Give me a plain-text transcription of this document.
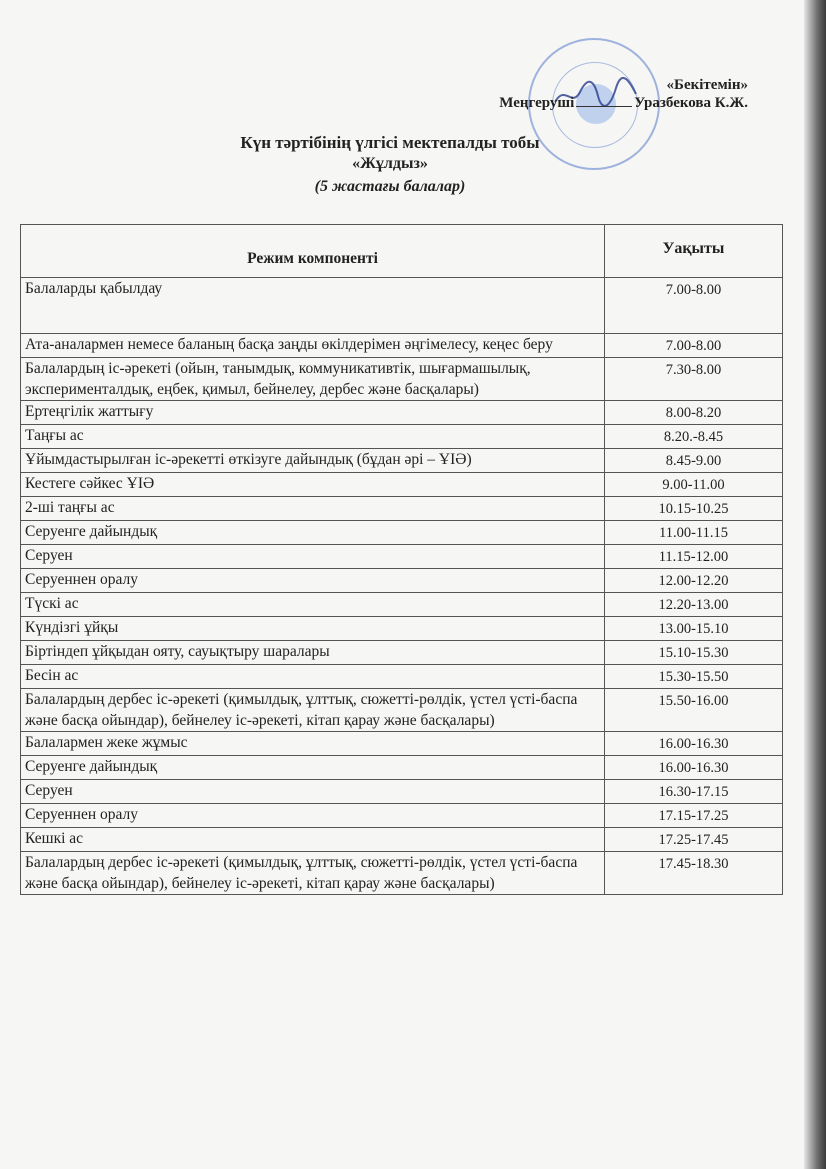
«Бекітемін»
Меңгеруші	Уразбекова К.Ж.
Күн тәртібінің үлгісі мектепалды тобы
«Жұлдыз»
(5 жастағы балалар)
Режим компоненті	Уақыты
Балаларды қабылдау	7.00-8.00
Ата-аналармен немесе баланың басқа заңды өкілдерімен әңгімелесу, кеңес беру	7.00-8.00
Балалардың іс-әрекеті (ойын, танымдық, коммуникативтік, шығармашылық, эксперименталдық, еңбек, қимыл, бейнелеу, дербес және басқалары)	7.30-8.00
Ертеңгілік жаттығу	8.00-8.20
Таңғы ас	8.20.-8.45
Ұйымдастырылған іс-әрекетті өткізуге дайындық (бұдан әрі – ҰІӘ)	8.45-9.00
Кестеге сәйкес ҰІӘ	9.00-11.00
2-ші таңғы ас	10.15-10.25
Серуенге дайындық	11.00-11.15
Серуен	11.15-12.00
Серуеннен оралу	12.00-12.20
Түскі ас	12.20-13.00
Күндізгі ұйқы	13.00-15.10
Біртіндеп ұйқыдан ояту, сауықтыру шаралары	15.10-15.30
Бесін ас	15.30-15.50
Балалардың дербес іс-әрекеті (қимылдық, ұлттық, сюжетті-рөлдік, үстел үсті-баспа және басқа ойындар), бейнелеу іс-әрекеті, кітап қарау және басқалары)	15.50-16.00
Балалармен жеке жұмыс	16.00-16.30
Серуенге дайындық	16.00-16.30
Серуен	16.30-17.15
Серуеннен оралу	17.15-17.25
Кешкі ас	17.25-17.45
Балалардың дербес іс-әрекеті (қимылдық, ұлттық, сюжетті-рөлдік, үстел үсті-баспа және басқа ойындар), бейнелеу іс-әрекеті, кітап қарау және басқалары)	17.45-18.30
